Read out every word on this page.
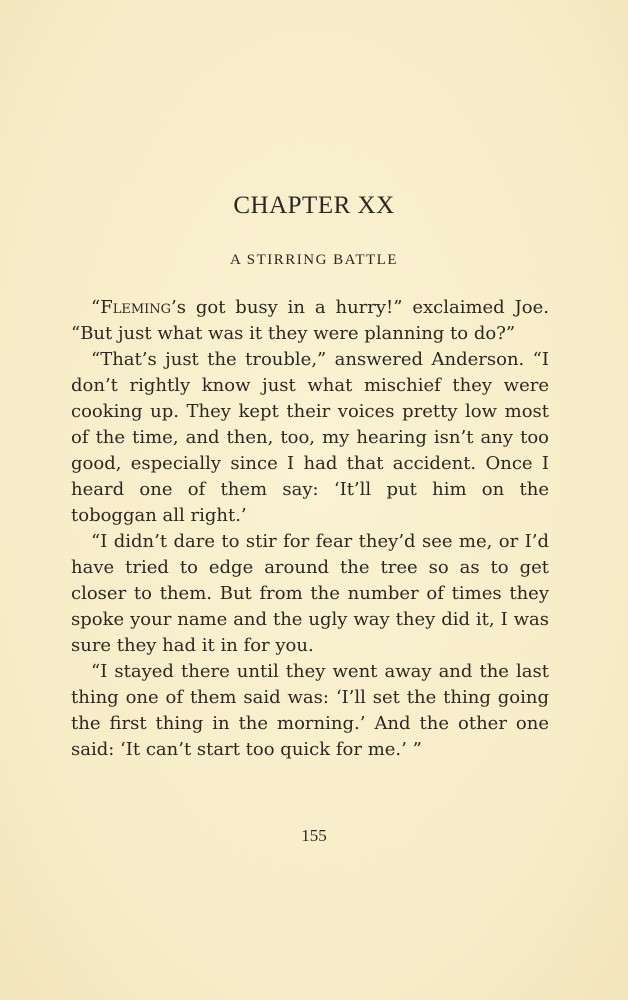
CHAPTER XX
A STIRRING BATTLE

“Fleming’s got busy in a hurry!” exclaimed Joe. “But just what was it they were planning to do?”

“That’s just the trouble,” answered Anderson. “I don’t rightly know just what mischief they were cooking up. They kept their voices pretty low most of the time, and then, too, my hearing isn’t any too good, especially since I had that accident. Once I heard one of them say: ‘It’ll put him on the toboggan all right.’

“I didn’t dare to stir for fear they’d see me, or I’d have tried to edge around the tree so as to get closer to them. But from the number of times they spoke your name and the ugly way they did it, I was sure they had it in for you.

“I stayed there until they went away and the last thing one of them said was: ‘I’ll set the thing going the first thing in the morning.’ And the other one said: ‘It can’t start too quick for me.’ ”

155
